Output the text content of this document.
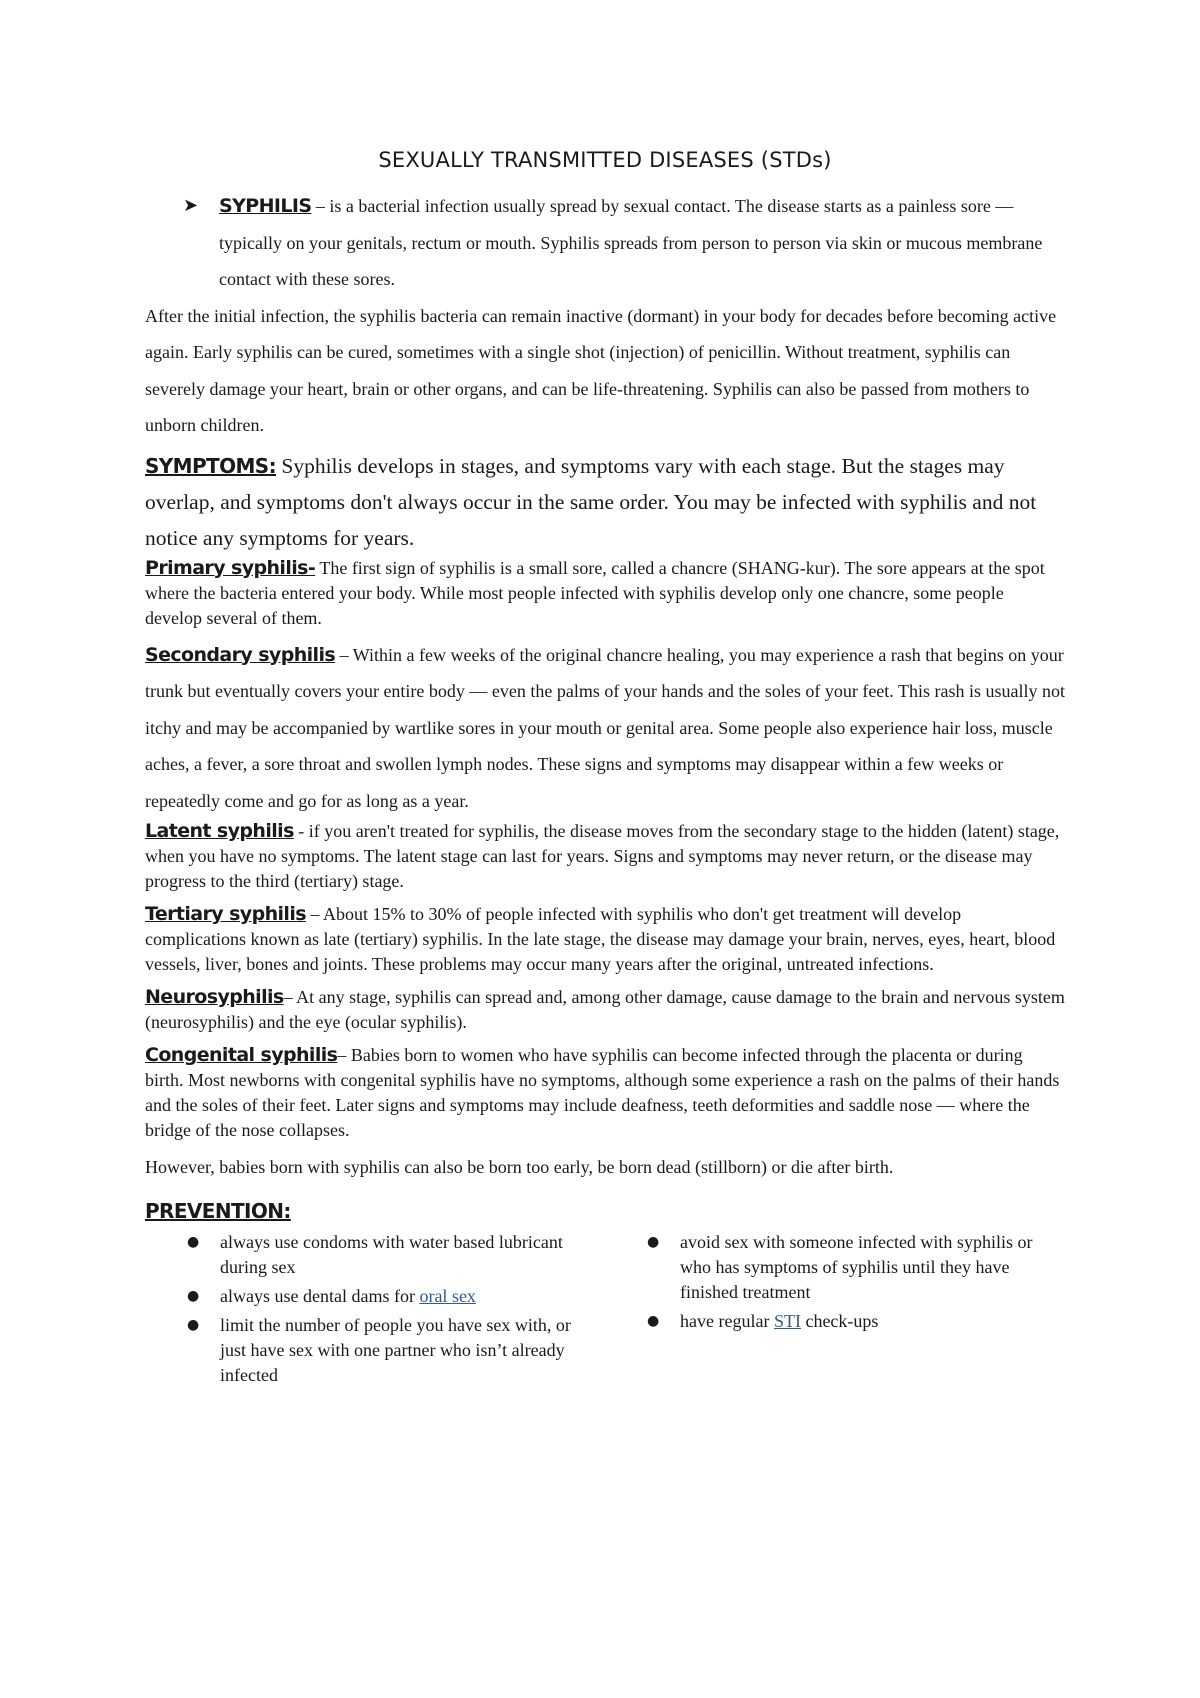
SEXUALLY TRANSMITTED DISEASES (STDs)
➤	SYPHILIS – is a bacterial infection usually spread by sexual contact. The disease starts as a painless sore — typically on your genitals, rectum or mouth. Syphilis spreads from person to person via skin or mucous membrane contact with these sores.

After the initial infection, the syphilis bacteria can remain inactive (dormant) in your body for decades before becoming active again. Early syphilis can be cured, sometimes with a single shot (injection) of penicillin. Without treatment, syphilis can severely damage your heart, brain or other organs, and can be life-threatening. Syphilis can also be passed from mothers to unborn children.

SYMPTOMS: Syphilis develops in stages, and symptoms vary with each stage. But the stages may overlap, and symptoms don't always occur in the same order. You may be infected with syphilis and not notice any symptoms for years.

Primary syphilis- The first sign of syphilis is a small sore, called a chancre (SHANG-kur). The sore appears at the spot where the bacteria entered your body. While most people infected with syphilis develop only one chancre, some people develop several of them.

Secondary syphilis – Within a few weeks of the original chancre healing, you may experience a rash that begins on your trunk but eventually covers your entire body — even the palms of your hands and the soles of your feet. This rash is usually not itchy and may be accompanied by wartlike sores in your mouth or genital area. Some people also experience hair loss, muscle aches, a fever, a sore throat and swollen lymph nodes. These signs and symptoms may disappear within a few weeks or repeatedly come and go for as long as a year.

Latent syphilis - if you aren't treated for syphilis, the disease moves from the secondary stage to the hidden (latent) stage, when you have no symptoms. The latent stage can last for years. Signs and symptoms may never return, or the disease may progress to the third (tertiary) stage.

Tertiary syphilis – About 15% to 30% of people infected with syphilis who don't get treatment will develop complications known as late (tertiary) syphilis. In the late stage, the disease may damage your brain, nerves, eyes, heart, blood vessels, liver, bones and joints. These problems may occur many years after the original, untreated infections.

Neurosyphilis– At any stage, syphilis can spread and, among other damage, cause damage to the brain and nervous system (neurosyphilis) and the eye (ocular syphilis).

Congenital syphilis– Babies born to women who have syphilis can become infected through the placenta or during birth. Most newborns with congenital syphilis have no symptoms, although some experience a rash on the palms of their hands and the soles of their feet. Later signs and symptoms may include deafness, teeth deformities and saddle nose — where the bridge of the nose collapses.

However, babies born with syphilis can also be born too early, be born dead (stillborn) or die after birth.

PREVENTION:
● always use condoms with water based lubricant during sex
● always use dental dams for oral sex
● limit the number of people you have sex with, or just have sex with one partner who isn’t already infected
● avoid sex with someone infected with syphilis or who has symptoms of syphilis until they have finished treatment
● have regular STI check-ups
